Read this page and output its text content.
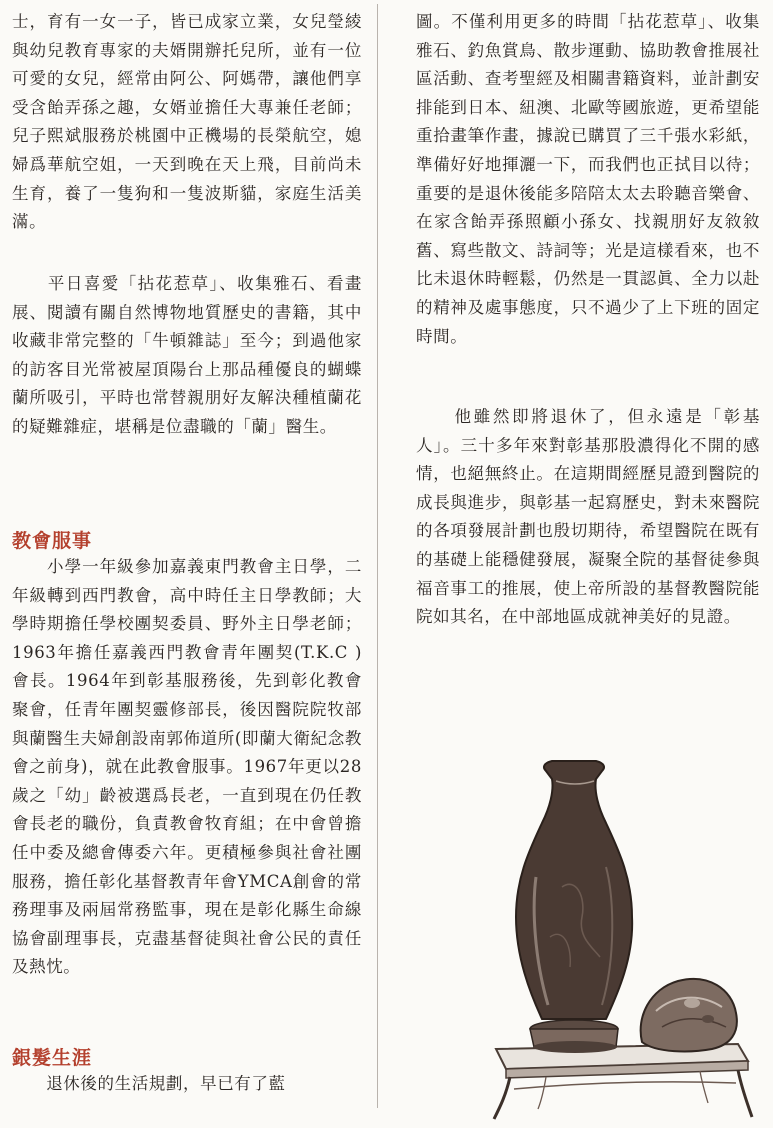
士，育有一女一子，皆已成家立業，女兒瑩綾與幼兒教育專家的夫婿開辦托兒所，並有一位可愛的女兒，經常由阿公、阿媽帶，讓他們享受含飴弄孫之趣，女婿並擔任大專兼任老師；兒子熙斌服務於桃園中正機場的長榮航空，媳婦爲華航空姐，一天到晚在天上飛，目前尚未生育，養了一隻狗和一隻波斯貓，家庭生活美滿。

　　平日喜愛「拈花惹草」、收集雅石、看畫展、閱讀有關自然博物地質歷史的書籍，其中收藏非常完整的「牛頓雜誌」至今；到過他家的訪客目光常被屋頂陽台上那品種優良的蝴蝶蘭所吸引，平時也常替親朋好友解決種植蘭花的疑難雜症，堪稱是位盡職的「蘭」醫生。

教會服事

　　小學一年級參加嘉義東門教會主日學，二年級轉到西門教會，高中時任主日學教師；大學時期擔任學校團契委員、野外主日學老師；1963年擔任嘉義西門教會青年團契(T.K.C )會長。1964年到彰基服務後，先到彰化教會聚會，任青年團契靈修部長，後因醫院院牧部與蘭醫生夫婦創設南郭佈道所(即蘭大衛紀念教會之前身)，就在此教會服事。1967年更以28歲之「幼」齡被選爲長老，一直到現在仍任教會長老的職份，負責教會牧育組；在中會曾擔任中委及總會傳委六年。更積極參與社會社團服務，擔任彰化基督教青年會YMCA創會的常務理事及兩屆常務監事，現在是彰化縣生命線協會副理事長，克盡基督徒與社會公民的責任及熱忱。

銀髮生涯

　　退休後的生活規劃，早已有了藍

圖。不僅利用更多的時間「拈花惹草」、收集雅石、釣魚賞鳥、散步運動、協助教會推展社區活動、查考聖經及相關書籍資料，並計劃安排能到日本、紐澳、北歐等國旅遊，更希望能重拾畫筆作畫，據說已購買了三千張水彩紙，準備好好地揮灑一下，而我們也正拭目以待；重要的是退休後能多陪陪太太去聆聽音樂會、在家含飴弄孫照顧小孫女、找親朋好友敘敘舊、寫些散文、詩詞等；光是這樣看來，也不比未退休時輕鬆，仍然是一貫認眞、全力以赴的精神及處事態度，只不過少了上下班的固定時間。

　　他雖然即將退休了，但永遠是「彰基人」。三十多年來對彰基那股濃得化不開的感情，也絕無終止。在這期間經歷見證到醫院的成長與進步，與彰基一起寫歷史，對未來醫院的各項發展計劃也殷切期待，希望醫院在既有的基礎上能穩健發展，凝聚全院的基督徒參與福音事工的推展，使上帝所設的基督教醫院能院如其名，在中部地區成就神美好的見證。
